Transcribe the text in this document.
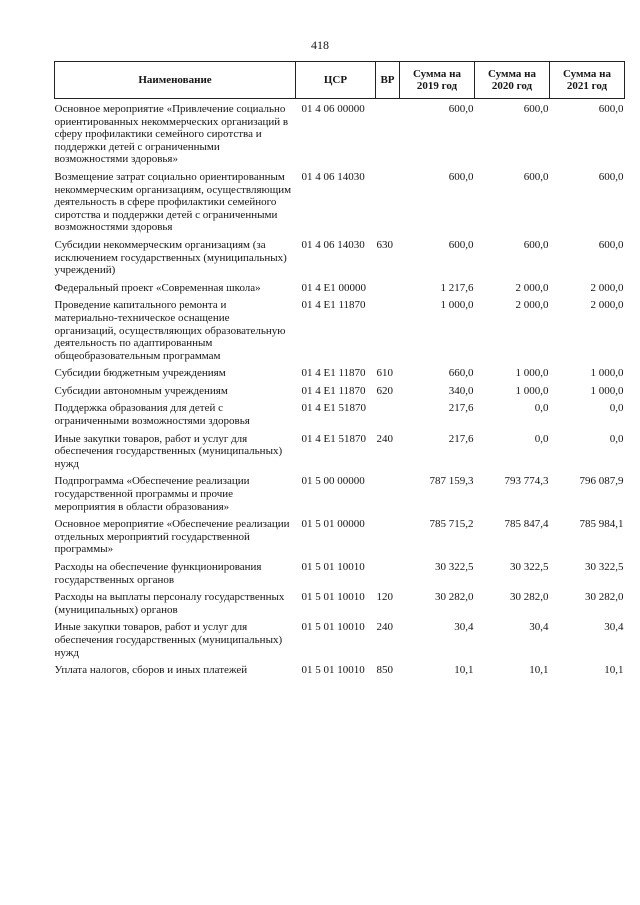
418
Наименование	ЦСР	ВР	Сумма на 2019 год	Сумма на 2020 год	Сумма на 2021 год
Основное мероприятие «Привлечение социально ориентированных некоммерческих организаций в сферу профилактики семейного сиротства и поддержки детей с ограниченными возможностями здоровья»	01 4 06 00000		600,0	600,0	600,0
Возмещение затрат социально ориентированным некоммерческим организациям, осуществляющим деятельность в сфере профилактики семейного сиротства и поддержки детей с ограниченными возможностями здоровья	01 4 06 14030		600,0	600,0	600,0
Субсидии некоммерческим организациям (за исключением государственных (муниципальных) учреждений)	01 4 06 14030	630	600,0	600,0	600,0
Федеральный проект «Современная школа»	01 4 E1 00000		1 217,6	2 000,0	2 000,0
Проведение капитального ремонта и материально-техническое оснащение организаций, осуществляющих образовательную деятельность по адаптированным общеобразовательным программам	01 4 E1 11870		1 000,0	2 000,0	2 000,0
Субсидии бюджетным учреждениям	01 4 E1 11870	610	660,0	1 000,0	1 000,0
Субсидии автономным учреждениям	01 4 E1 11870	620	340,0	1 000,0	1 000,0
Поддержка образования для детей с ограниченными возможностями здоровья	01 4 E1 51870		217,6	0,0	0,0
Иные закупки товаров, работ и услуг для обеспечения государственных (муниципальных) нужд	01 4 E1 51870	240	217,6	0,0	0,0
Подпрограмма «Обеспечение реализации государственной программы и прочие мероприятия в области образования»	01 5 00 00000		787 159,3	793 774,3	796 087,9
Основное мероприятие «Обеспечение реализации отдельных мероприятий государственной программы»	01 5 01 00000		785 715,2	785 847,4	785 984,1
Расходы на обеспечение функционирования государственных органов	01 5 01 10010		30 322,5	30 322,5	30 322,5
Расходы на выплаты персоналу государственных (муниципальных) органов	01 5 01 10010	120	30 282,0	30 282,0	30 282,0
Иные закупки товаров, работ и услуг для обеспечения государственных (муниципальных) нужд	01 5 01 10010	240	30,4	30,4	30,4
Уплата налогов, сборов и иных платежей	01 5 01 10010	850	10,1	10,1	10,1
